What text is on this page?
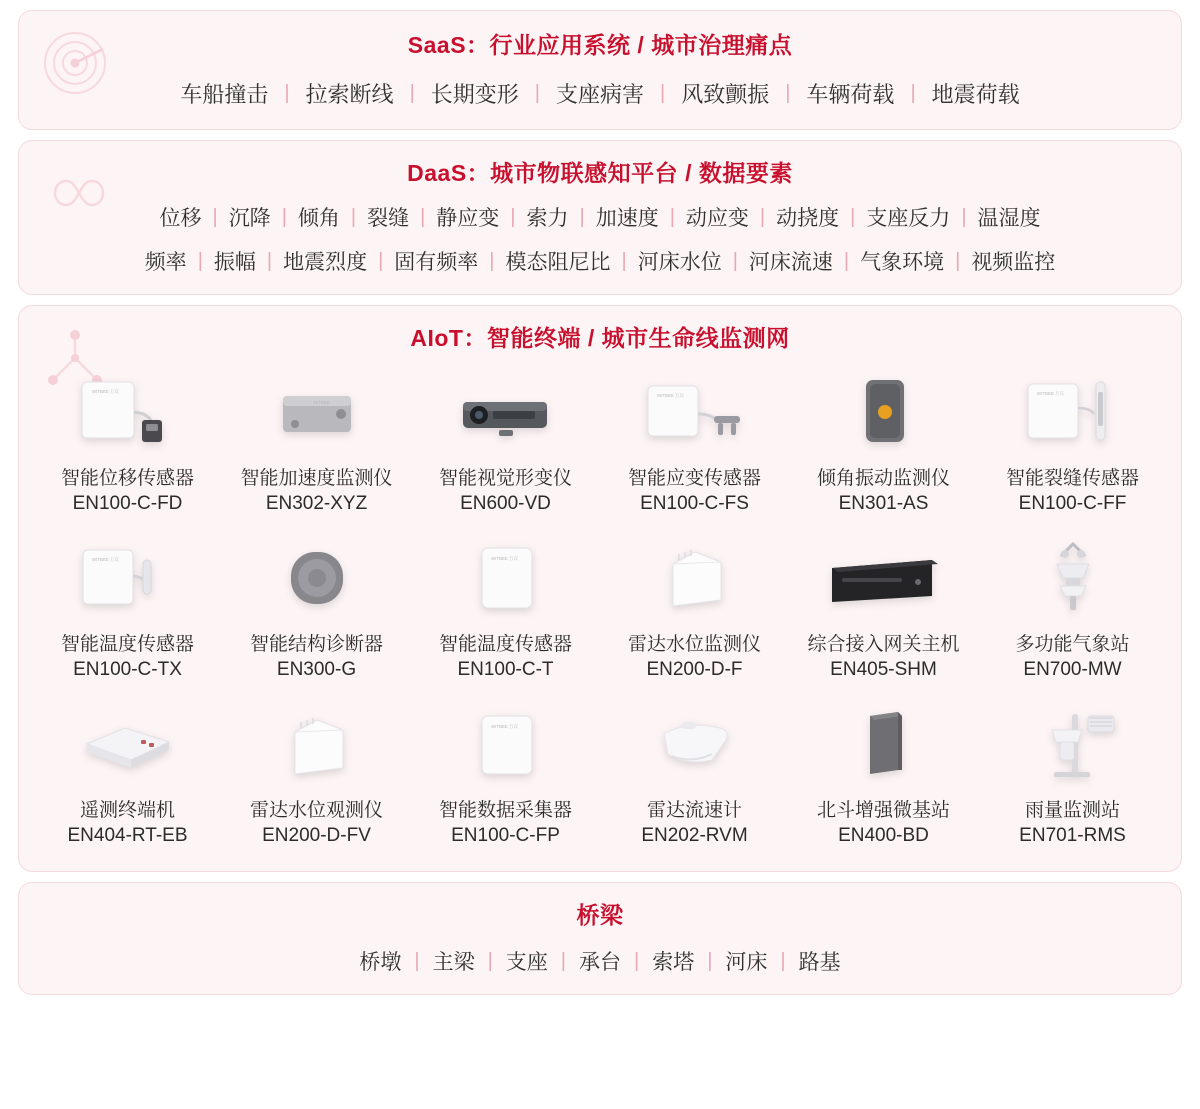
SaaS：行业应用系统 / 城市治理痛点
车船撞击 | 拉索断线 | 长期变形 | 支座病害 | 风致颤振 | 车辆荷载 | 地震荷载
DaaS：城市物联感知平台 / 数据要素
位移 | 沉降 | 倾角 | 裂缝 | 静应变 | 索力 | 加速度 | 动应变 | 动挠度 | 支座反力 | 温湿度
频率 | 振幅 | 地震烈度 | 固有频率 | 模态阻尼比 | 河床水位 | 河床流速 | 气象环境 | 视频监控
AIoT：智能终端 / 城市生命线监测网
WITBEE 万宾
智能位移传感器
EN100-C-FD
WITBEE
智能加速度监测仪
EN302-XYZ
智能视觉形变仪
EN600-VD
WITBEE 万宾
智能应变传感器
EN100-C-FS
倾角振动监测仪
EN301-AS
WITBEE 万宾
智能裂缝传感器
EN100-C-FF
WITBEE 万宾
智能温度传感器
EN100-C-TX
智能结构诊断器
EN300-G
WITBEE 万宾
智能温度传感器
EN100-C-T
雷达水位监测仪
EN200-D-F
综合接入网关主机
EN405-SHM
多功能气象站
EN700-MW
遥测终端机
EN404-RT-EB
雷达水位观测仪
EN200-D-FV
WITBEE 万宾
智能数据采集器
EN100-C-FP
雷达流速计
EN202-RVM
北斗增强微基站
EN400-BD
雨量监测站
EN701-RMS
桥梁
桥墩 | 主梁 | 支座 | 承台 | 索塔 | 河床 | 路基
